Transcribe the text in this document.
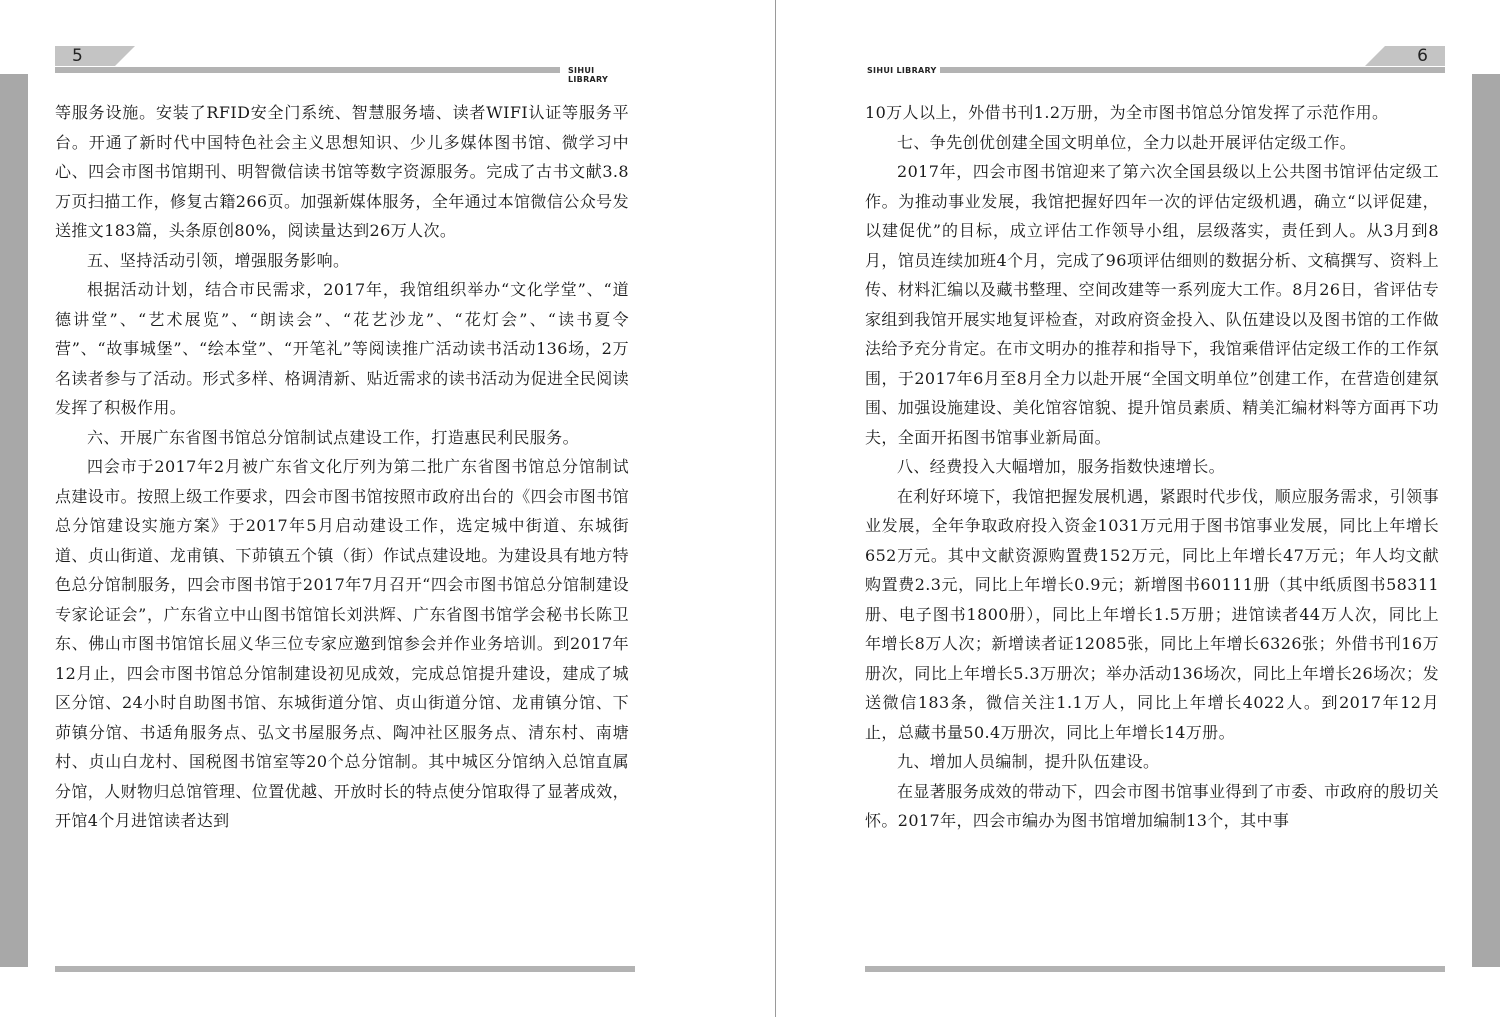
5
SIHUI LIBRARY

等服务设施。安装了RFID安全门系统、智慧服务墙、读者WIFI认证等服务平台。开通了新时代中国特色社会主义思想知识、少儿多媒体图书馆、微学习中心、四会市图书馆期刊、明智微信读书馆等数字资源服务。完成了古书文献3.8万页扫描工作，修复古籍266页。加强新媒体服务，全年通过本馆微信公众号发送推文183篇，头条原创80%，阅读量达到26万人次。

五、坚持活动引领，增强服务影响。

根据活动计划，结合市民需求，2017年，我馆组织举办“文化学堂”、“道德讲堂”、“艺术展览”、“朗读会”、“花艺沙龙”、“花灯会”、“读书夏令营”、“故事城堡”、“绘本堂”、“开笔礼”等阅读推广活动读书活动136场，2万名读者参与了活动。形式多样、格调清新、贴近需求的读书活动为促进全民阅读发挥了积极作用。

六、开展广东省图书馆总分馆制试点建设工作，打造惠民利民服务。

四会市于2017年2月被广东省文化厅列为第二批广东省图书馆总分馆制试点建设市。按照上级工作要求，四会市图书馆按照市政府出台的《四会市图书馆总分馆建设实施方案》于2017年5月启动建设工作，选定城中街道、东城街道、贞山街道、龙甫镇、下茆镇五个镇（街）作试点建设地。为建设具有地方特色总分馆制服务，四会市图书馆于2017年7月召开“四会市图书馆总分馆制建设专家论证会”，广东省立中山图书馆馆长刘洪辉、广东省图书馆学会秘书长陈卫东、佛山市图书馆馆长屈义华三位专家应邀到馆参会并作业务培训。到2017年12月止，四会市图书馆总分馆制建设初见成效，完成总馆提升建设，建成了城区分馆、24小时自助图书馆、东城街道分馆、贞山街道分馆、龙甫镇分馆、下茆镇分馆、书适角服务点、弘文书屋服务点、陶冲社区服务点、清东村、南塘村、贞山白龙村、国税图书馆室等20个总分馆制。其中城区分馆纳入总馆直属分馆，人财物归总馆管理、位置优越、开放时长的特点使分馆取得了显著成效，开馆4个月进馆读者达到

6
SIHUI LIBRARY

10万人以上，外借书刊1.2万册，为全市图书馆总分馆发挥了示范作用。

七、争先创优创建全国文明单位，全力以赴开展评估定级工作。

2017年，四会市图书馆迎来了第六次全国县级以上公共图书馆评估定级工作。为推动事业发展，我馆把握好四年一次的评估定级机遇，确立“以评促建，以建促优”的目标，成立评估工作领导小组，层级落实，责任到人。从3月到8月，馆员连续加班4个月，完成了96项评估细则的数据分析、文稿撰写、资料上传、材料汇编以及藏书整理、空间改建等一系列庞大工作。8月26日，省评估专家组到我馆开展实地复评检查，对政府资金投入、队伍建设以及图书馆的工作做法给予充分肯定。在市文明办的推荐和指导下，我馆乘借评估定级工作的工作氛围，于2017年6月至8月全力以赴开展“全国文明单位”创建工作，在营造创建氛围、加强设施建设、美化馆容馆貌、提升馆员素质、精美汇编材料等方面再下功夫，全面开拓图书馆事业新局面。

八、经费投入大幅增加，服务指数快速增长。

在利好环境下，我馆把握发展机遇，紧跟时代步伐，顺应服务需求，引领事业发展，全年争取政府投入资金1031万元用于图书馆事业发展，同比上年增长652万元。其中文献资源购置费152万元，同比上年增长47万元；年人均文献购置费2.3元，同比上年增长0.9元；新增图书60111册（其中纸质图书58311册、电子图书1800册），同比上年增长1.5万册；进馆读者44万人次，同比上年增长8万人次；新增读者证12085张，同比上年增长6326张；外借书刊16万册次，同比上年增长5.3万册次；举办活动136场次，同比上年增长26场次；发送微信183条，微信关注1.1万人，同比上年增长4022人。到2017年12月止，总藏书量50.4万册次，同比上年增长14万册。

九、增加人员编制，提升队伍建设。

在显著服务成效的带动下，四会市图书馆事业得到了市委、市政府的殷切关怀。2017年，四会市编办为图书馆增加编制13个，其中事
